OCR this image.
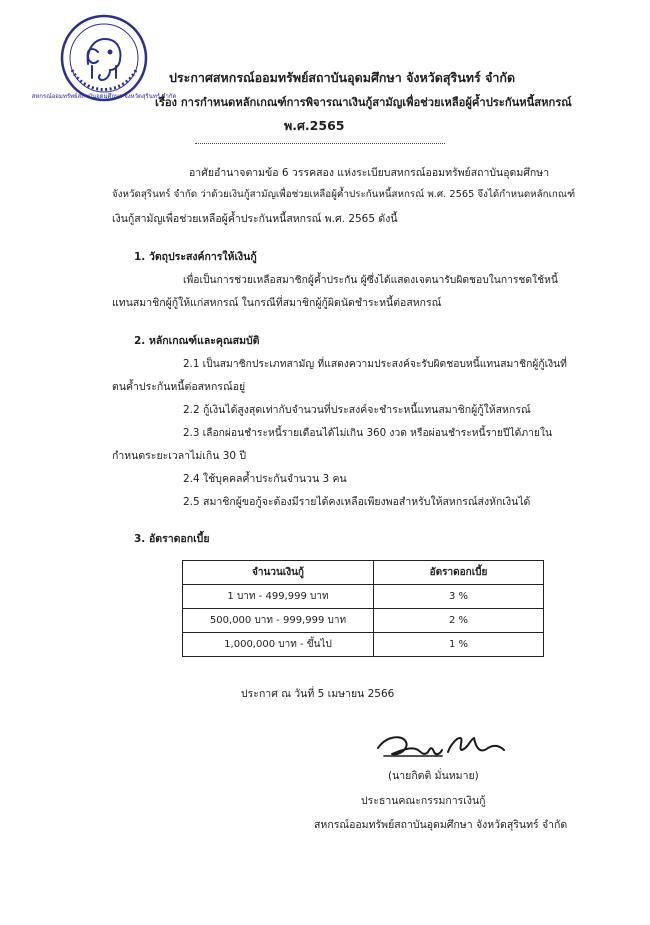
สหกรณ์ออมทรัพย์สถาบันอุดมศึกษา จังหวัดสุรินทร์ จำกัด
ประกาศสหกรณ์ออมทรัพย์สถาบันอุดมศึกษา จังหวัดสุรินทร์ จำกัด
เรื่อง การกำหนดหลักเกณฑ์การพิจารณาเงินกู้สามัญเพื่อช่วยเหลือผู้ค้ำประกันหนี้สหกรณ์
พ.ศ.2565
อาศัยอำนาจตามข้อ 6 วรรคสอง แห่งระเบียบสหกรณ์ออมทรัพย์สถาบันอุดมศึกษา
จังหวัดสุรินทร์ จำกัด ว่าด้วยเงินกู้สามัญเพื่อช่วยเหลือผู้ค้ำประกันหนี้สหกรณ์ พ.ศ. 2565 จึงได้กำหนดหลักเกณฑ์
เงินกู้สามัญเพื่อช่วยเหลือผู้ค้ำประกันหนี้สหกรณ์ พ.ศ. 2565 ดังนี้
1. วัตถุประสงค์การให้เงินกู้
เพื่อเป็นการช่วยเหลือสมาชิกผู้ค้ำประกัน ผู้ซึ่งได้แสดงเจตนารับผิดชอบในการชดใช้หนี้
แทนสมาชิกผู้กู้ให้แก่สหกรณ์ ในกรณีที่สมาชิกผู้กู้ผิดนัดชำระหนี้ต่อสหกรณ์
2. หลักเกณฑ์และคุณสมบัติ
2.1 เป็นสมาชิกประเภทสามัญ ที่แสดงความประสงค์จะรับผิดชอบหนี้แทนสมาชิกผู้กู้เงินที่
ตนค้ำประกันหนี้ต่อสหกรณ์อยู่
2.2 กู้เงินได้สูงสุดเท่ากับจำนวนที่ประสงค์จะชำระหนี้แทนสมาชิกผู้กู้ให้สหกรณ์
2.3 เลือกผ่อนชำระหนี้รายเดือนได้ไม่เกิน 360 งวด หรือผ่อนชำระหนี้รายปีได้ภายใน
กำหนดระยะเวลาไม่เกิน 30 ปี
2.4 ใช้บุคคลค้ำประกันจำนวน 3 คน
2.5 สมาชิกผู้ขอกู้จะต้องมีรายได้คงเหลือเพียงพอสำหรับให้สหกรณ์ส่งหักเงินได้
3. อัตราดอกเบี้ย
จำนวนเงินกู้	อัตราดอกเบี้ย
1 บาท - 499,999 บาท	3 %
500,000 บาท - 999,999 บาท	2 %
1,000,000 บาท - ขึ้นไป	1 %
ประกาศ ณ วันที่ 5 เมษายน 2566
(นายกิตติ มั่นหมาย)
ประธานคณะกรรมการเงินกู้
สหกรณ์ออมทรัพย์สถาบันอุดมศึกษา จังหวัดสุรินทร์ จำกัด
